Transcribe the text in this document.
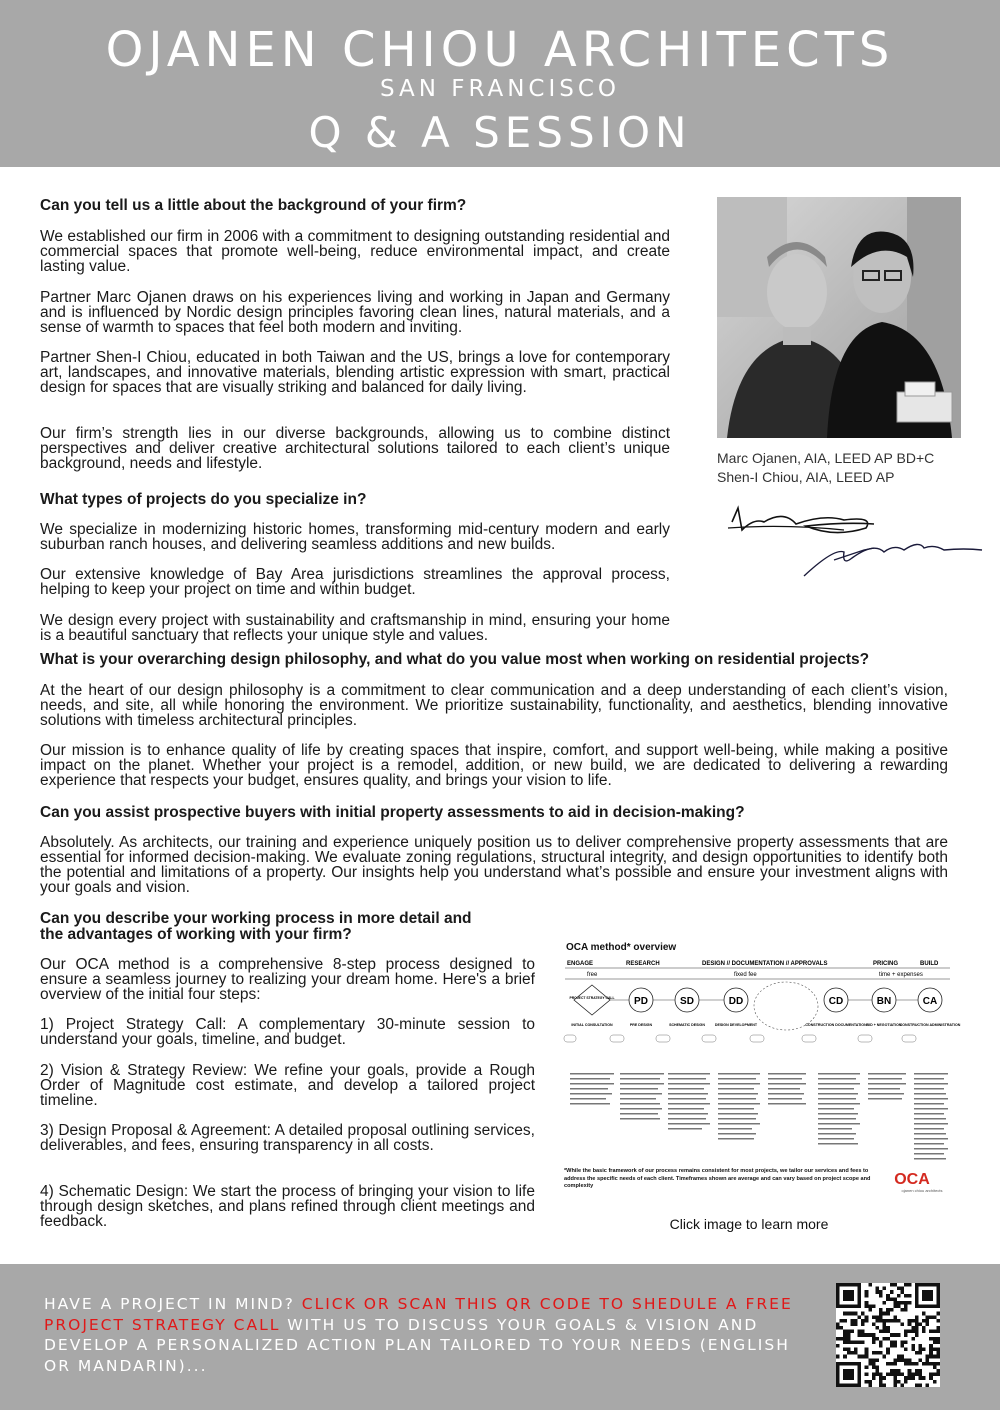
OJANEN CHIOU ARCHITECTS
SAN FRANCISCO
Q & A SESSION
Can you tell us a little about the background of your firm?

We established our firm in 2006 with a commitment to designing outstanding residential and commercial spaces that promote well-being, reduce environmental impact, and create lasting value.

Partner Marc Ojanen draws on his experiences living and working in Japan and Germany and is influenced by Nordic design principles favoring clean lines, natural materials, and a sense of warmth to spaces that feel both modern and inviting.

Partner Shen-I Chiou, educated in both Taiwan and the US, brings a love for contemporary art, landscapes, and innovative materials, blending artistic expression with smart, practical design for spaces that are visually striking and balanced for daily living.

Our firm’s strength lies in our diverse backgrounds, allowing us to combine distinct perspectives and deliver creative architectural solutions tailored to each client’s unique background, needs and lifestyle.

What types of projects do you specialize in?

We specialize in modernizing historic homes, transforming mid-century modern and early suburban ranch houses, and delivering seamless additions and new builds.

Our extensive knowledge of Bay Area jurisdictions streamlines the approval process, helping to keep your project on time and within budget.

We design every project with sustainability and craftsmanship in mind, ensuring your home is a beautiful sanctuary that reflects your unique style and values.

What is your overarching design philosophy, and what do you value most when working on residential projects?

At the heart of our design philosophy is a commitment to clear communication and a deep understanding of each client’s vision, needs, and site, all while honoring the environment. We prioritize sustainability, functionality, and aesthetics, blending innovative solutions with timeless architectural principles.

Our mission is to enhance quality of life by creating spaces that inspire, comfort, and support well-being, while making a positive impact on the planet. Whether your project is a remodel, addition, or new build, we are dedicated to delivering a rewarding experience that respects your budget, ensures quality, and brings your vision to life.

Can you assist prospective buyers with initial property assessments to aid in decision-making?

Absolutely. As architects, our training and experience uniquely position us to deliver comprehensive property assessments that are essential for informed decision-making. We evaluate zoning regulations, structural integrity, and design opportunities to identify both the potential and limitations of a property. Our insights help you understand what’s possible and ensure your investment aligns with your goals and vision.

Can you describe your working process in more detail and
the advantages of working with your firm?

Our OCA method is a comprehensive 8-step process designed to ensure a seamless journey to realizing your dream home. Here's a brief overview of the initial four steps:

1) Project Strategy Call: A complementary 30-minute session to understand your goals, timeline, and budget.

2) Vision & Strategy Review: We refine your goals, provide a Rough Order of Magnitude cost estimate, and develop a tailored project timeline.

3) Design Proposal & Agreement: A detailed proposal outlining services, deliverables, and fees, ensuring transparency in all costs.

4) Schematic Design: We start the process of bringing your vision to life through design sketches, and plans refined through client meetings and feedback.

Marc Ojanen, AIA, LEED AP BD+C
Shen-I Chiou, AIA, LEED AP
OCA method* overview
ENGAGE	RESEARCH	DESIGN // DOCUMENTATION // APPROVALS	PRICING	BUILD
free	fixed fee	time + expenses
PROJECT STRATEGY CALL PD	SD	DD	CD	BN	CA
INITIAL CONSULTATION	PRE DESIGN	SCHEMATIC DESIGN	DESIGN DEVELOPMENT	CONSTRUCTION DOCUMENTATION BID + NEGOTIATION
CONSTRUCTION ADMINISTRATION
*While the basic framework of our process remains consistent for most projects, we tailor our services and fees to address the specific needs of each client. Timeframes shown are average and can vary based on project scope and complexity	OCA
ojanen chiou architects
Click image to learn more

HAVE A PROJECT IN MIND? CLICK OR SCAN THIS QR CODE TO SHEDULE A FREE PROJECT STRATEGY CALL WITH US TO DISCUSS YOUR GOALS & VISION AND DEVELOP A PERSONALIZED ACTION PLAN TAILORED TO YOUR NEEDS (ENGLISH OR MANDARIN)...
